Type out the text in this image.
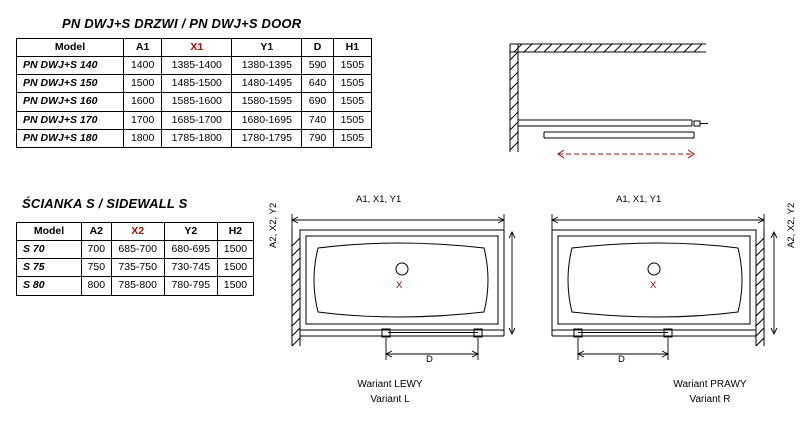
PN DWJ+S DRZWI / PN DWJ+S DOOR
Model	A1	X1	Y1	D	H1
PN DWJ+S 140	1400	1385-1400	1380-1395	590	1505
PN DWJ+S 150	1500	1485-1500	1480-1495	640	1505
PN DWJ+S 160	1600	1585-1600	1580-1595	690	1505
PN DWJ+S 170	1700	1685-1700	1680-1695	740	1505
PN DWJ+S 180	1800	1785-1800	1780-1795	790	1505
ŚCIANKA S / SIDEWALL S
Model	A2	X2	Y2	H2
S 70	700	685-700	680-695	1500
S 75	750	735-750	730-745	1500
S 80	800	785-800	780-795	1500
A1, X1, Y1
X
D
A2, X2, Y2
Wariant LEWY
Variant L
A1, X1, Y1
X
D
A2, X2, Y2
Wariant PRAWY
Variant R
